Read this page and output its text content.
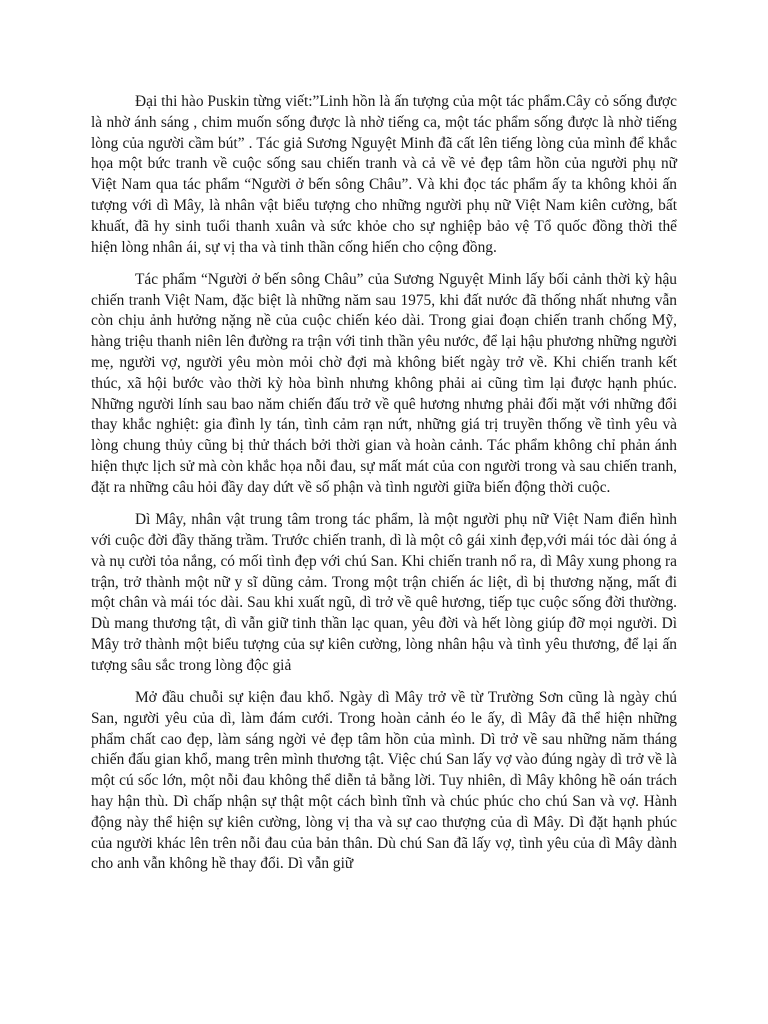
Đại thi hào Puskin từng viết:”Linh hồn là ấn tượng của một tác phẩm.Cây cỏ sống được là nhờ ánh sáng , chim muốn sống được là nhờ tiếng ca, một tác phẩm sống được là nhờ tiếng lòng của người cầm bút” . Tác giả Sương Nguyệt Minh đã cất lên tiếng lòng của mình để khắc họa một bức tranh về cuộc sống sau chiến tranh và cả về vẻ đẹp tâm hồn của người phụ nữ Việt Nam qua tác phẩm “Người ở bến sông Châu”. Và khi đọc tác phẩm ấy ta không khỏi ấn tượng với dì Mây, là nhân vật biểu tượng cho những người phụ nữ Việt Nam kiên cường, bất khuất, đã hy sinh tuổi thanh xuân và sức khỏe cho sự nghiệp bảo vệ Tổ quốc đồng thời thể hiện lòng nhân ái, sự vị tha và tinh thần cống hiến cho cộng đồng.

Tác phẩm “Người ở bến sông Châu” của Sương Nguyệt Minh lấy bối cảnh thời kỳ hậu chiến tranh Việt Nam, đặc biệt là những năm sau 1975, khi đất nước đã thống nhất nhưng vẫn còn chịu ảnh hưởng nặng nề của cuộc chiến kéo dài. Trong giai đoạn chiến tranh chống Mỹ, hàng triệu thanh niên lên đường ra trận với tinh thần yêu nước, để lại hậu phương những người mẹ, người vợ, người yêu mòn mỏi chờ đợi mà không biết ngày trở về. Khi chiến tranh kết thúc, xã hội bước vào thời kỳ hòa bình nhưng không phải ai cũng tìm lại được hạnh phúc. Những người lính sau bao năm chiến đấu trở về quê hương nhưng phải đối mặt với những đổi thay khắc nghiệt: gia đình ly tán, tình cảm rạn nứt, những giá trị truyền thống về tình yêu và lòng chung thủy cũng bị thử thách bởi thời gian và hoàn cảnh. Tác phẩm không chỉ phản ánh hiện thực lịch sử mà còn khắc họa nỗi đau, sự mất mát của con người trong và sau chiến tranh, đặt ra những câu hỏi đầy day dứt về số phận và tình người giữa biến động thời cuộc.

Dì Mây, nhân vật trung tâm trong tác phẩm, là một người phụ nữ Việt Nam điển hình với cuộc đời đầy thăng trầm. Trước chiến tranh, dì là một cô gái xinh đẹp,với mái tóc dài óng ả và nụ cười tỏa nắng, có mối tình đẹp với chú San. Khi chiến tranh nổ ra, dì Mây xung phong ra trận, trở thành một nữ y sĩ dũng cảm. Trong một trận chiến ác liệt, dì bị thương nặng, mất đi một chân và mái tóc dài. Sau khi xuất ngũ, dì trở về quê hương, tiếp tục cuộc sống đời thường. Dù mang thương tật, dì vẫn giữ tinh thần lạc quan, yêu đời và hết lòng giúp đỡ mọi người. Dì Mây trở thành một biểu tượng của sự kiên cường, lòng nhân hậu và tình yêu thương, để lại ấn tượng sâu sắc trong lòng độc giả

Mở đầu chuỗi sự kiện đau khổ. Ngày dì Mây trở về từ Trường Sơn cũng là ngày chú San, người yêu của dì, làm đám cưới. Trong hoàn cảnh éo le ấy, dì Mây đã thể hiện những phẩm chất cao đẹp, làm sáng ngời vẻ đẹp tâm hồn của mình. Dì trở về sau những năm tháng chiến đấu gian khổ, mang trên mình thương tật. Việc chú San lấy vợ vào đúng ngày dì trở về là một cú sốc lớn, một nỗi đau không thể diễn tả bằng lời. Tuy nhiên, dì Mây không hề oán trách hay hận thù. Dì chấp nhận sự thật một cách bình tĩnh và chúc phúc cho chú San và vợ. Hành động này thể hiện sự kiên cường, lòng vị tha và sự cao thượng của dì Mây. Dì đặt hạnh phúc của người khác lên trên nỗi đau của bản thân. Dù chú San đã lấy vợ, tình yêu của dì Mây dành cho anh vẫn không hề thay đổi. Dì vẫn giữ
